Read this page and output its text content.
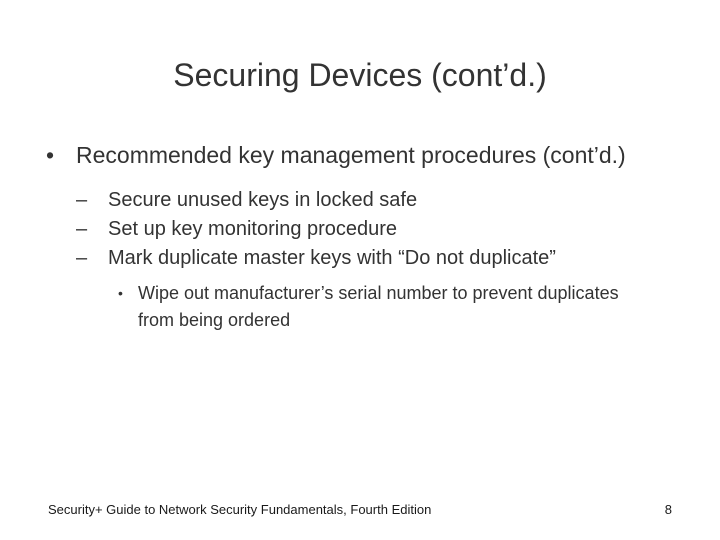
Securing Devices (cont’d.)
• Recommended key management procedures (cont’d.)
– Secure unused keys in locked safe
– Set up key monitoring procedure
– Mark duplicate master keys with “Do not duplicate”
• Wipe out manufacturer’s serial number to prevent duplicates from being ordered
Security+ Guide to Network Security Fundamentals, Fourth Edition	8
